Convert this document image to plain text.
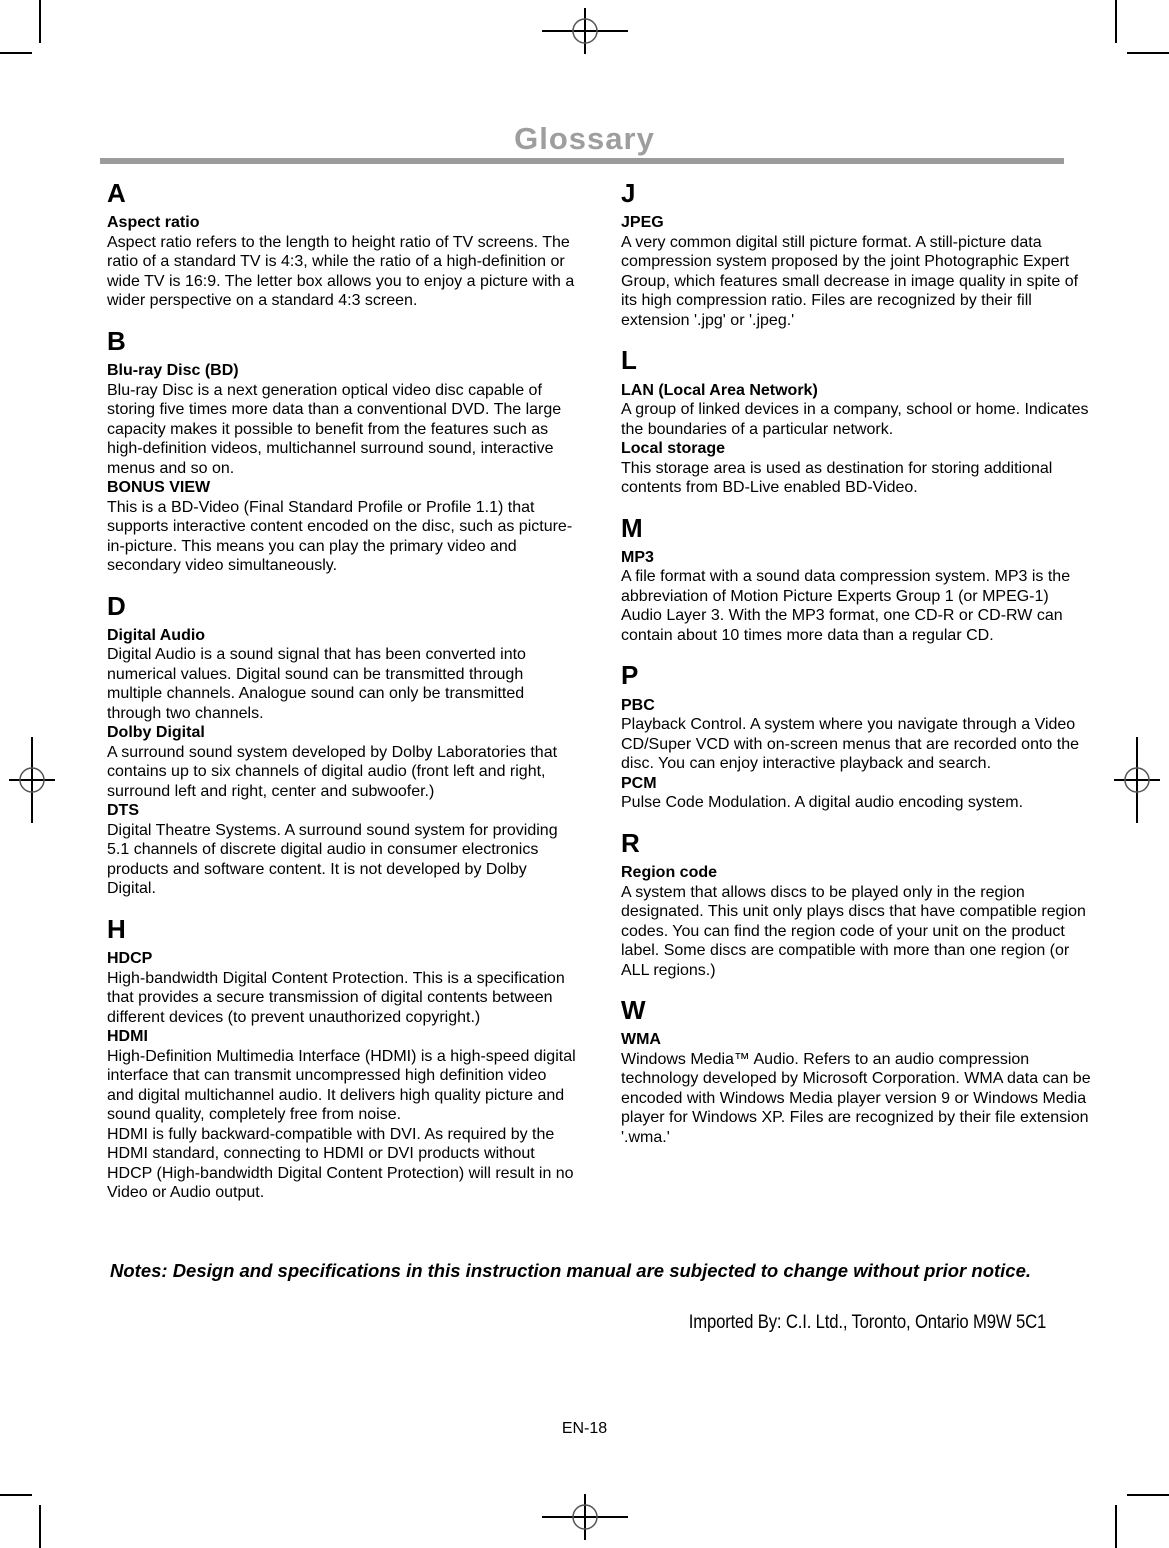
Glossary
A
Aspect ratio
Aspect ratio refers to the length to height ratio of TV screens. The ratio of a standard TV is 4:3, while the ratio of a high-definition or wide TV is 16:9. The letter box allows you to enjoy a picture with a wider perspective on a standard 4:3 screen.
B
Blu-ray Disc (BD)
Blu-ray Disc is a next generation optical video disc capable of storing five times more data than a conventional DVD. The large capacity makes it possible to benefit from the features such as high-definition videos, multichannel surround sound, interactive menus and so on.
BONUS VIEW
This is a BD-Video (Final Standard Profile or Profile 1.1) that supports interactive content encoded on the disc, such as picture-in-picture. This means you can play the primary video and secondary video simultaneously.
D
Digital Audio
Digital Audio is a sound signal that has been converted into numerical values. Digital sound can be transmitted through multiple channels. Analogue sound can only be transmitted through two channels.
Dolby Digital
A surround sound system developed by Dolby Laboratories that contains up to six channels of digital audio (front left and right, surround left and right, center and subwoofer.)
DTS
Digital Theatre Systems. A surround sound system for providing 5.1 channels of discrete digital audio in consumer electronics products and software content. It is not developed by Dolby Digital.
H
HDCP
High-bandwidth Digital Content Protection. This is a specification that provides a secure transmission of digital contents between different devices (to prevent unauthorized copyright.)
HDMI
High-Definition Multimedia Interface (HDMI) is a high-speed digital interface that can transmit uncompressed high definition video and digital multichannel audio. It delivers high quality picture and sound quality, completely free from noise.
HDMI is fully backward-compatible with DVI. As required by the HDMI standard, connecting to HDMI or DVI products without HDCP (High-bandwidth Digital Content Protection) will result in no Video or Audio output.
J
JPEG
A very common digital still picture format. A still-picture data compression system proposed by the joint Photographic Expert Group, which features small decrease in image quality in spite of its high compression ratio. Files are recognized by their fill extension '.jpg' or '.jpeg.'
L
LAN (Local Area Network)
A group of linked devices in a company, school or home. Indicates the boundaries of a particular network.
Local storage
This storage area is used as destination for storing additional contents from BD-Live enabled BD-Video.
M
MP3
A file format with a sound data compression system. MP3 is the abbreviation of Motion Picture Experts Group 1 (or MPEG-1) Audio Layer 3. With the MP3 format, one CD-R or CD-RW can contain about 10 times more data than a regular CD.
P
PBC
Playback Control. A system where you navigate through a Video CD/Super VCD with on-screen menus that are recorded onto the disc. You can enjoy interactive playback and search.
PCM
Pulse Code Modulation. A digital audio encoding system.
R
Region code
A system that allows discs to be played only in the region designated. This unit only plays discs that have compatible region codes. You can find the region code of your unit on the product label. Some discs are compatible with more than one region (or ALL regions.)
W
WMA
Windows Media™ Audio. Refers to an audio compression technology developed by Microsoft Corporation. WMA data can be encoded with Windows Media player version 9 or Windows Media player for Windows XP. Files are recognized by their file extension '.wma.'
Notes: Design and specifications in this instruction manual are subjected to change without prior notice.
Imported By: C.I. Ltd., Toronto, Ontario M9W 5C1
EN-18
